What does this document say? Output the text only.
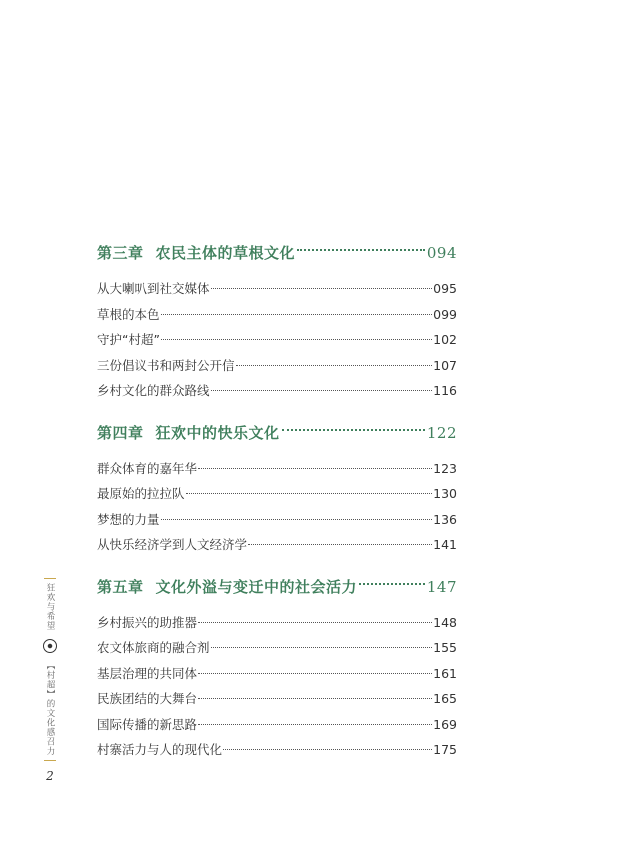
第三章 农民主体的草根文化	094
从大喇叭到社交媒体	095
草根的本色	099
守护“村超”	102
三份倡议书和两封公开信	107
乡村文化的群众路线	116
第四章 狂欢中的快乐文化	122
群众体育的嘉年华	123
最原始的拉拉队	130
梦想的力量	136
从快乐经济学到人文经济学	141
第五章 文化外溢与变迁中的社会活力	147
乡村振兴的助推器	148
农文体旅商的融合剂	155
基层治理的共同体	161
民族团结的大舞台	165
国际传播的新思路	169
村寨活力与人的现代化	175
狂欢与希望
【村超】的文化感召力
2
